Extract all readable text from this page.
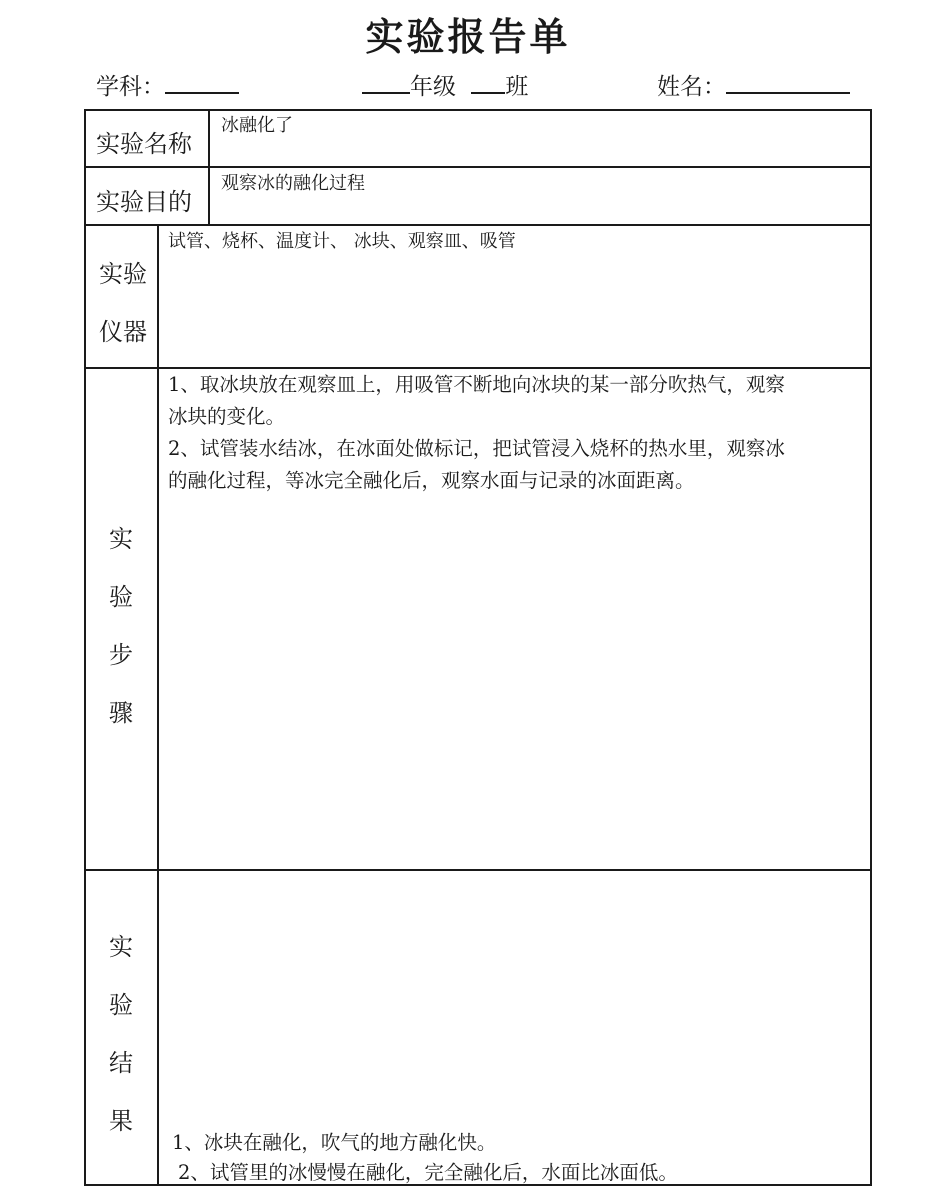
实验报告单
学科：	年级 班	姓名：
实验名称
冰融化了
实验目的
观察冰的融化过程
实验
仪器
试管、烧杯、温度计、 冰块、观察皿、吸管
实
验
步
骤
1、取冰块放在观察皿上，用吸管不断地向冰块的某一部分吹热气，观察
冰块的变化。
2、试管装水结冰，在冰面处做标记，把试管浸入烧杯的热水里，观察冰
的融化过程，等冰完全融化后，观察水面与记录的冰面距离。
实
验
结
果
1、冰块在融化，吹气的地方融化快。
2、试管里的冰慢慢在融化，完全融化后，水面比冰面低。
